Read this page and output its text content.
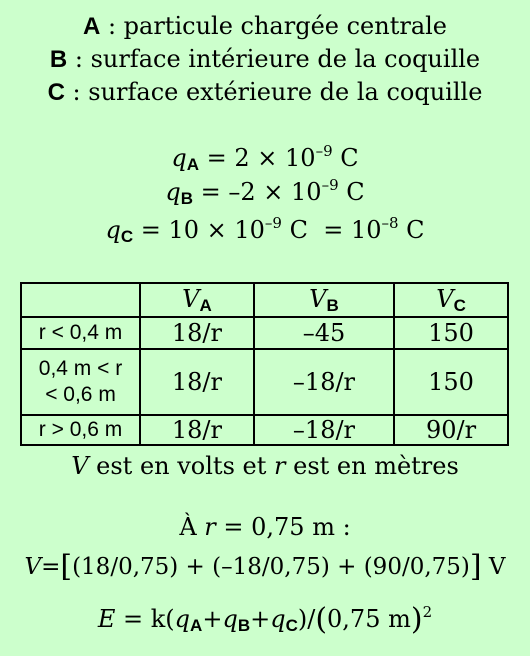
A : particule chargée centrale
B : surface intérieure de la coquille
C : surface extérieure de la coquille
$q_A = 2 \times 10^{-9}$ C
$q_B = -2 \times 10^{-9}$ C
$q_C = 10 \times 10^{-9}$ $C = 10^{-8}$ C
	$V_A$	$V_B$	$V_C$
r < 0,4 m	18/r	–45	150

0,4 m < r
< 0,6 m	18/r	–18/r	150
r > 0,6 m	18/r	–18/r	90/r
V est en volts et r est en mètres
À r = 0,75 m :
V=[(18/0,75) + (–18/0,75) + (90/0,75)] V
$E = k(q_A+q_B+q_C)/(0,75$ m)$^2$
